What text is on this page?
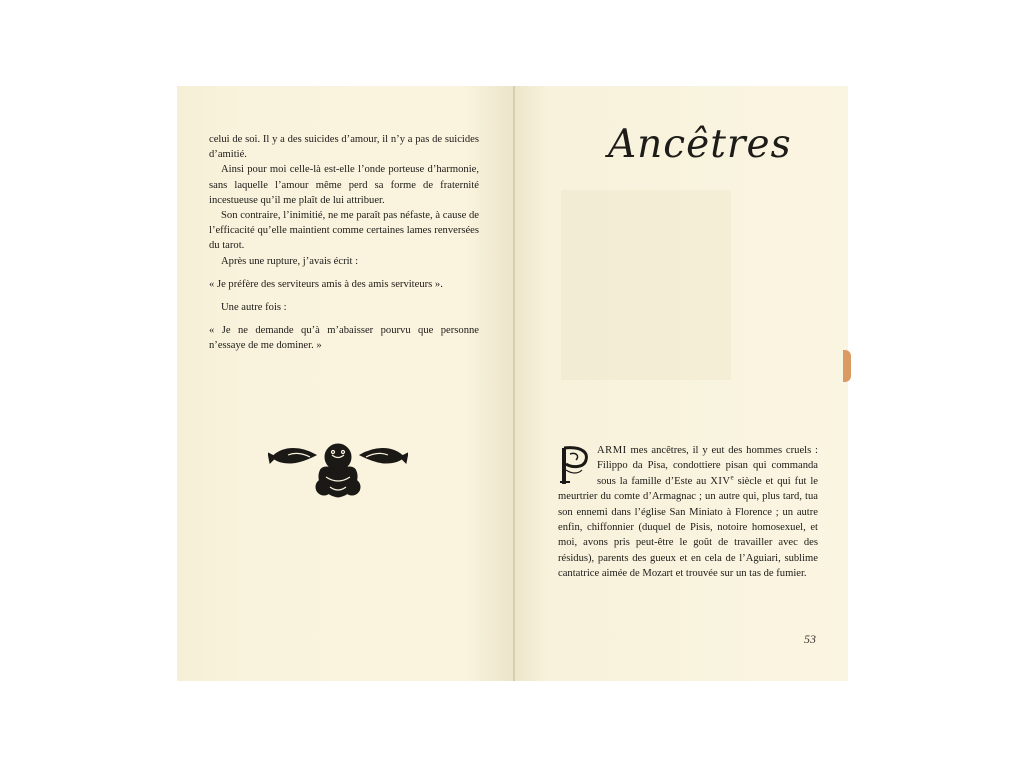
celui de soi. Il y a des suicides d’amour, il n’y a pas de suicides d’amitié.

Ainsi pour moi celle-là est-elle l’onde porteuse d’harmonie, sans laquelle l’amour même perd sa forme de fraternité incestueuse qu’il me plaît de lui attribuer.

Son contraire, l’inimitié, ne me paraît pas néfaste, à cause de l’efficacité qu’elle maintient comme certaines lames renversées du tarot.

Après une rupture, j’avais écrit :

« Je préfère des serviteurs amis à des amis serviteurs ».

Une autre fois :

« Je ne demande qu’à m’abaisser pourvu que personne n’essaye de me dominer. »

Ancêtres
ARMI mes ancêtres, il y eut des hommes cruels : Filippo da Pisa, condottiere pisan qui commanda sous la famille d’Este au XIVe siècle et qui fut le meurtrier du comte d’Armagnac ; un autre qui, plus tard, tua son ennemi dans l’église San Miniato à Florence ; un autre enfin, chiffonnier (duquel de Pisis, notoire homosexuel, et moi, avons pris peut-être le goût de travailler avec des résidus), parents des gueux et en cela de l’Aguiari, sublime cantatrice aimée de Mozart et trouvée sur un tas de fumier.
53
